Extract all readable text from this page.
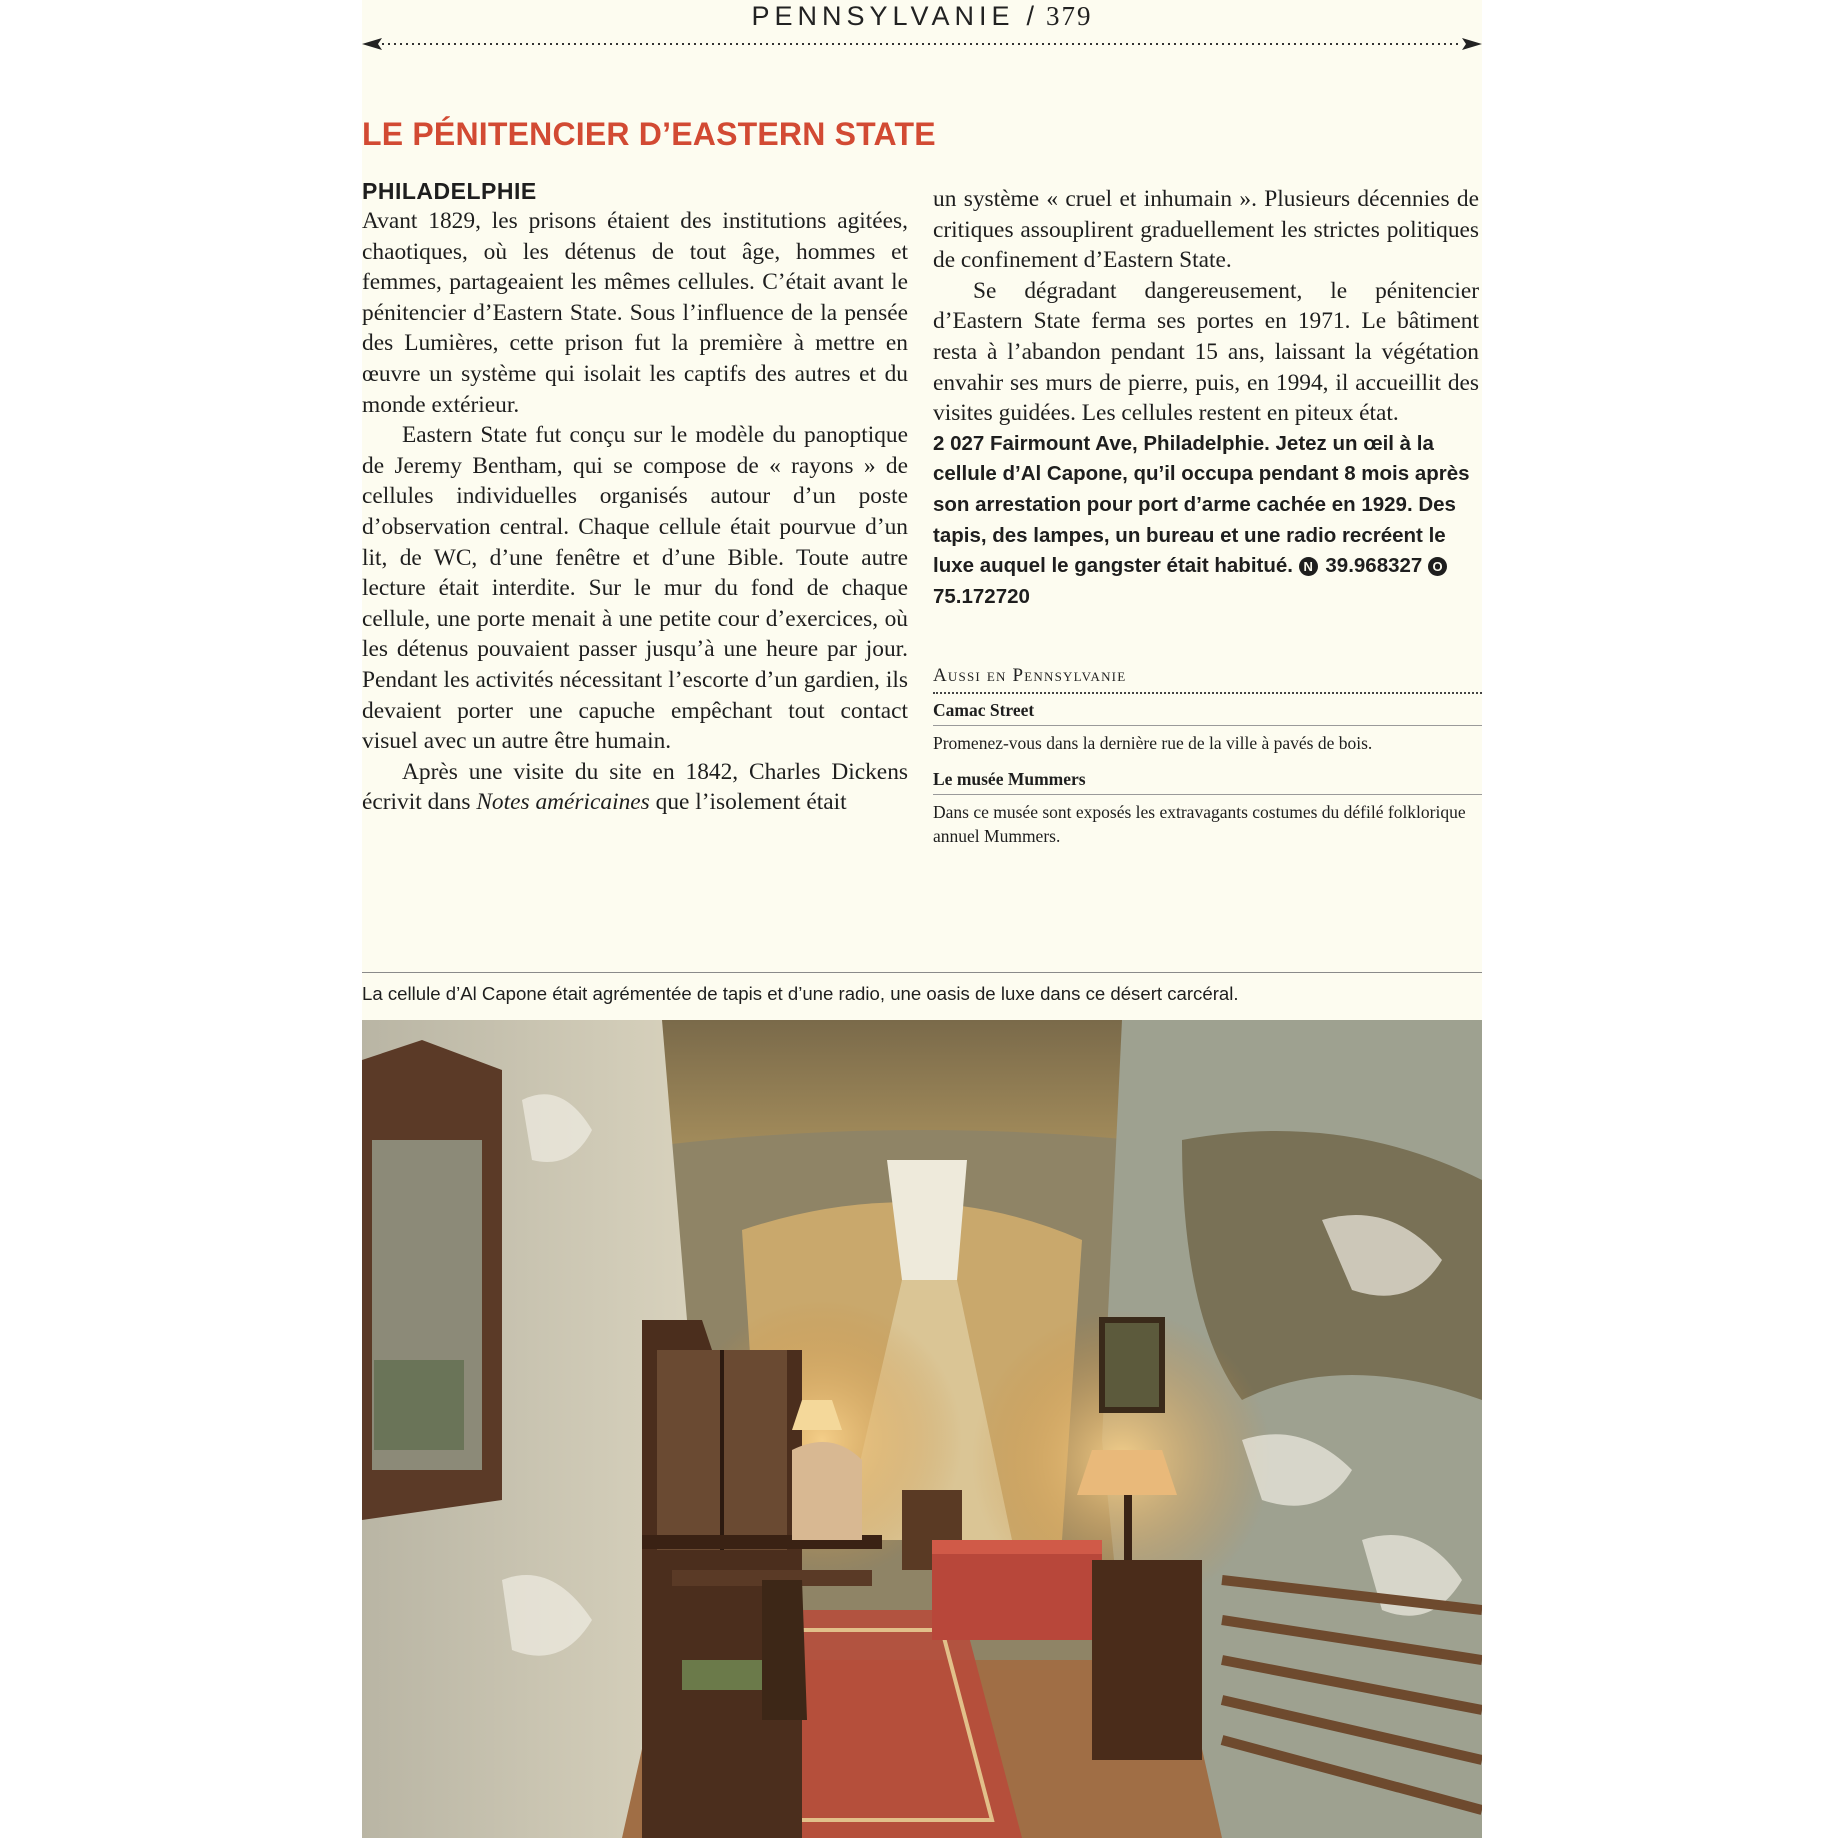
PENNSYLVANIE / 379
LE PÉNITENCIER D’EASTERN STATE

PHILADELPHIE

Avant 1829, les prisons étaient des institutions agitées, chaotiques, où les détenus de tout âge, hommes et femmes, partageaient les mêmes cellules. C’était avant le pénitencier d’Eastern State. Sous l’influence de la pensée des Lumières, cette prison fut la première à mettre en œuvre un système qui isolait les captifs des autres et du monde extérieur.

Eastern State fut conçu sur le modèle du panoptique de Jeremy Bentham, qui se compose de « rayons » de cellules individuelles organisés autour d’un poste d’observation central. Chaque cellule était pourvue d’un lit, de WC, d’une fenêtre et d’une Bible. Toute autre lecture était interdite. Sur le mur du fond de chaque cellule, une porte menait à une petite cour d’exercices, où les détenus pouvaient passer jusqu’à une heure par jour. Pendant les activités nécessitant l’escorte d’un gardien, ils devaient porter une capuche empêchant tout contact visuel avec un autre être humain.

Après une visite du site en 1842, Charles Dickens écrivit dans Notes américaines que l’isolement était

un système « cruel et inhumain ». Plusieurs décennies de critiques assouplirent graduellement les strictes politiques de confinement d’Eastern State.

Se dégradant dangereusement, le pénitencier d’Eastern State ferma ses portes en 1971. Le bâtiment resta à l’abandon pendant 15 ans, laissant la végétation envahir ses murs de pierre, puis, en 1994, il accueillit des visites guidées. Les cellules restent en piteux état.

2 027 Fairmount Ave, Philadelphie. Jetez un œil à la cellule d’Al Capone, qu’il occupa pendant 8 mois après son arrestation pour port d’arme cachée en 1929. Des tapis, des lampes, un bureau et une radio recréent le luxe auquel le gangster était habitué. N 39.968327 O 75.172720

Aussi en Pennsylvanie
Camac Street
Promenez-vous dans la dernière rue de la ville à pavés de bois.
Le musée Mummers
Dans ce musée sont exposés les extravagants costumes du défilé folklorique annuel Mummers.

La cellule d’Al Capone était agrémentée de tapis et d’une radio, une oasis de luxe dans ce désert carcéral.
